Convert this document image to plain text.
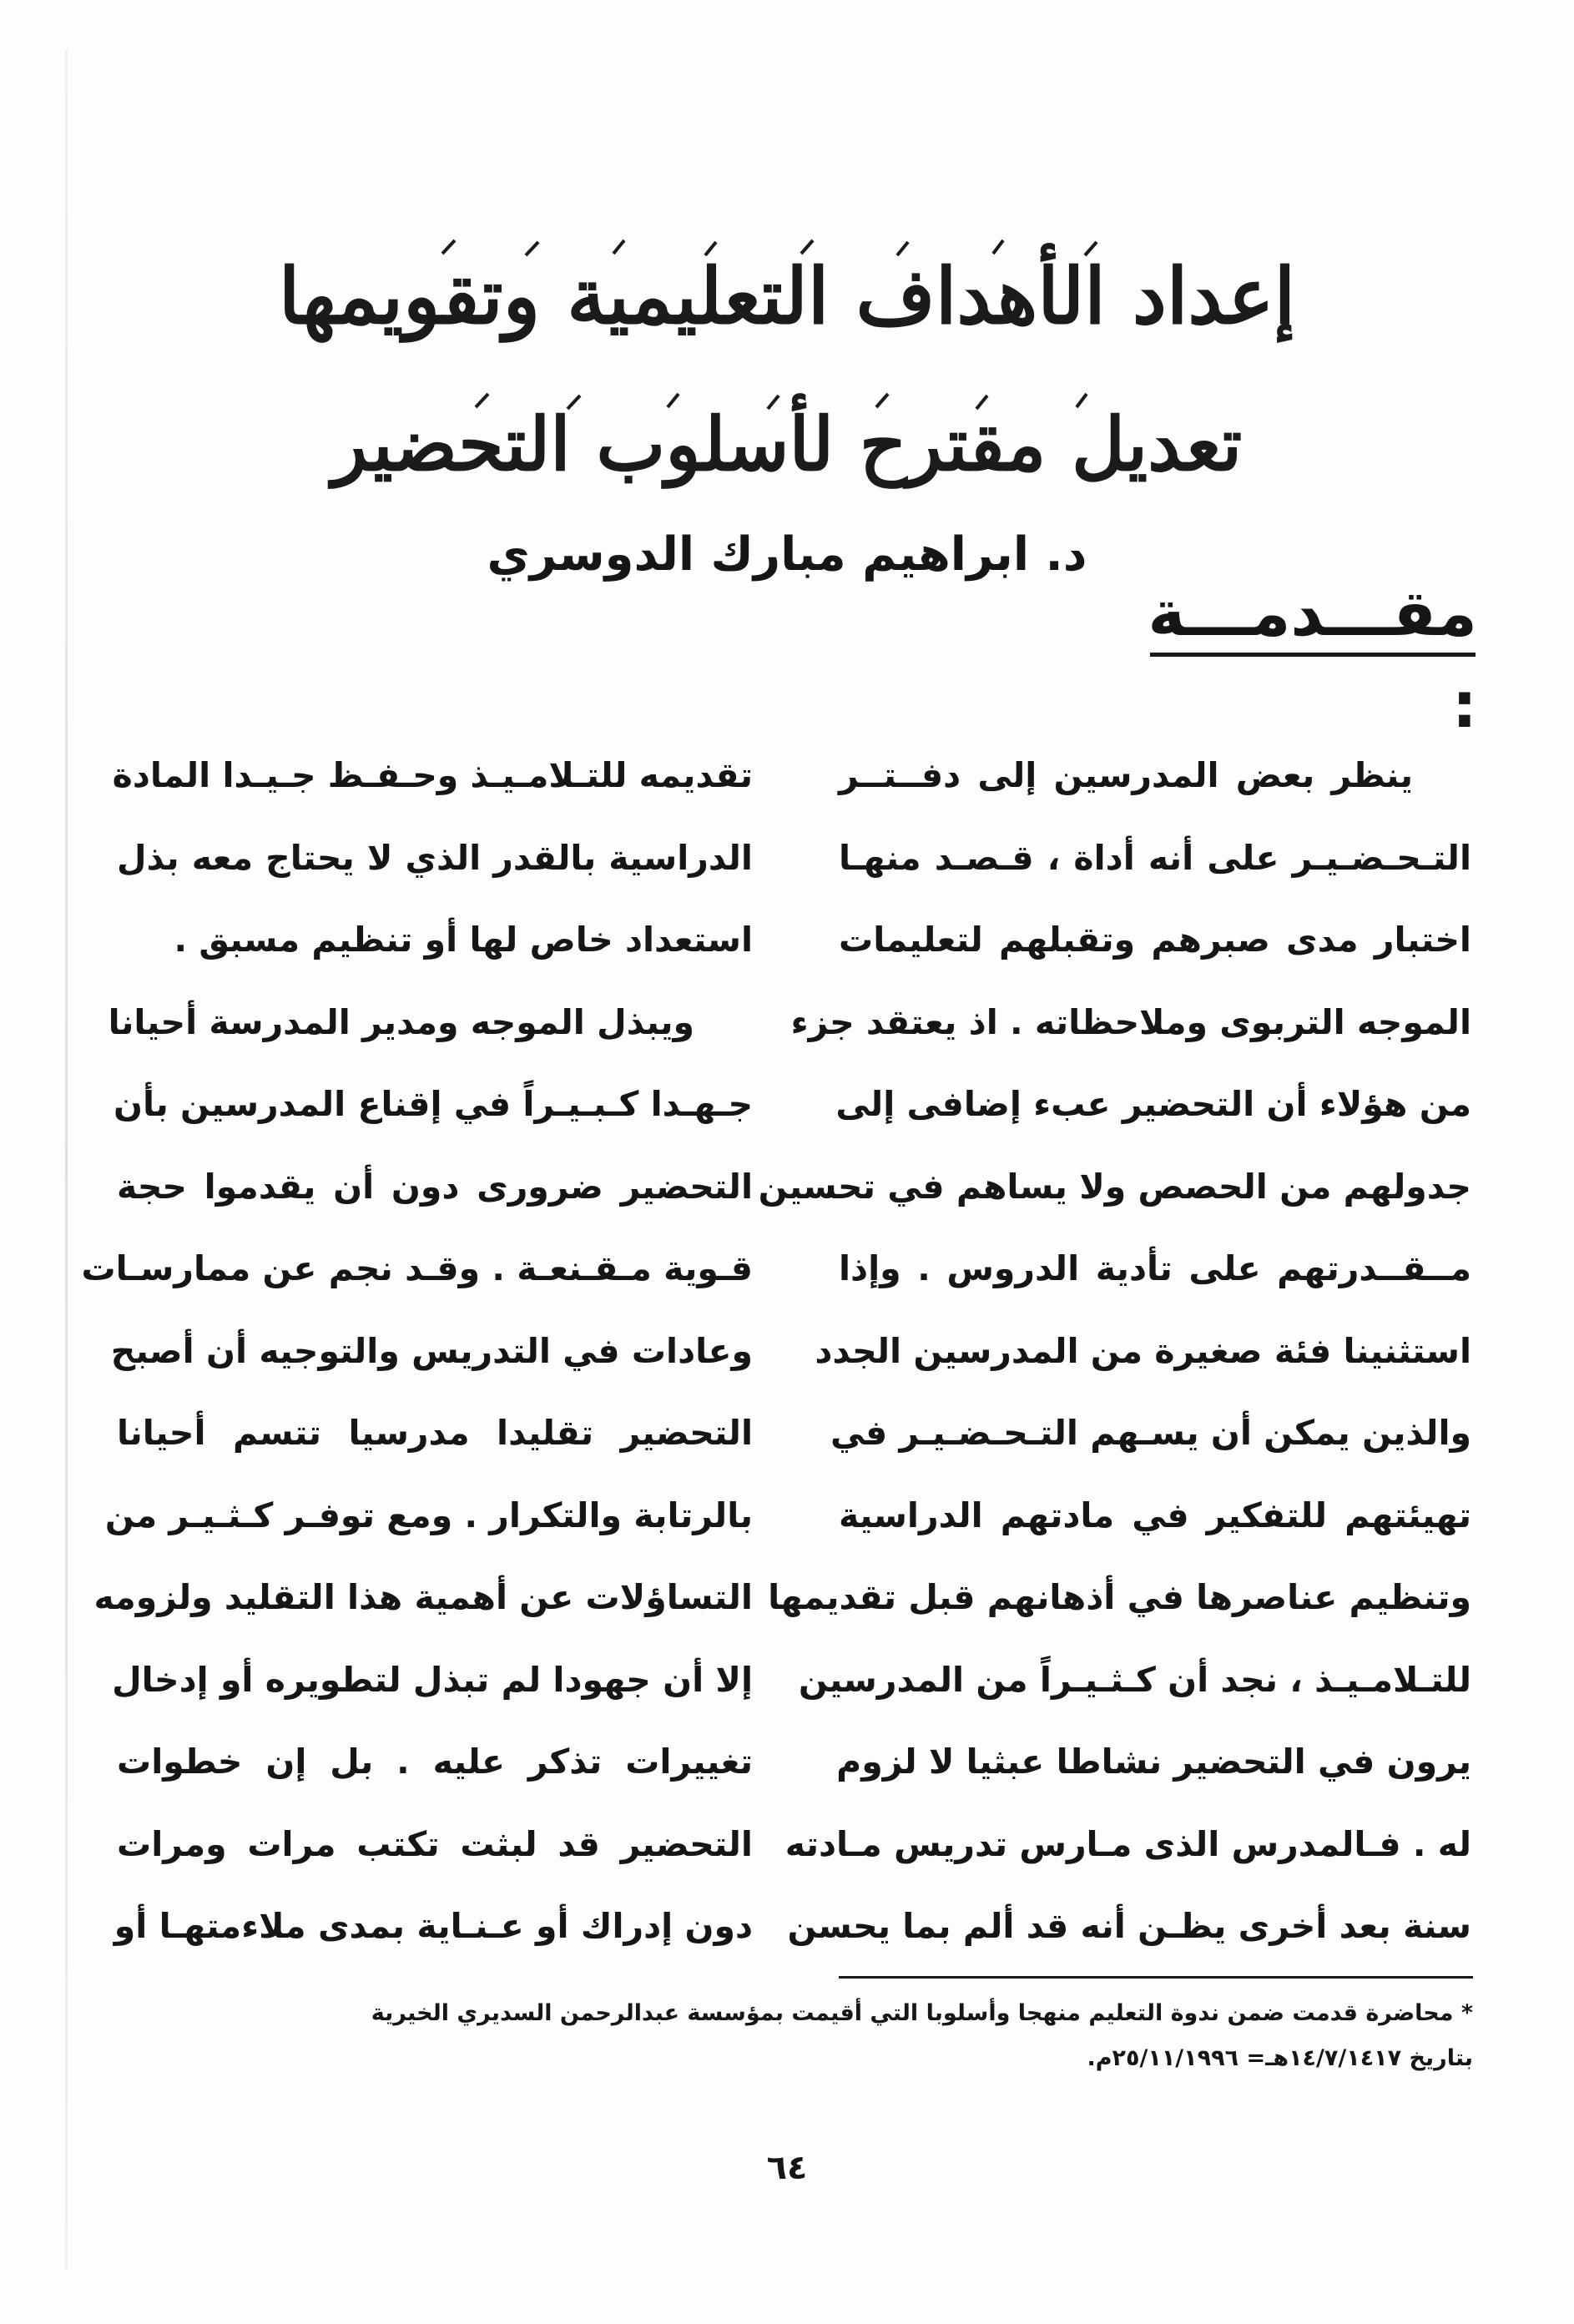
إعداد الأهداف التعليمية وتقويمها
تعديل مقترح لأسلوب التحضير
د. ابراهيم مبارك الدوسري
مقـــدمـــة :
ينظر بعض المدرسين إلى دفــتــر
التـحـضـيـر على أنه أداة ، قـصـد منهـا
اختبار مدى صبرهم وتقبلهم لتعليمات
الموجه التربوى وملاحظاته . اذ يعتقد جزء
من هؤلاء أن التحضير عبء إضافى إلى
جدولهم من الحصص ولا يساهم في تحسين
مــقــدرتهم على تأدية الدروس . وإذا
استثنينا فئة صغيرة من المدرسين الجدد
والذين يمكن أن يسـهم التـحـضـيـر في
تهيئتهم للتفكير في مادتهم الدراسية
وتنظيم عناصرها في أذهانهم قبل تقديمها
للتـلامـيـذ ، نجد أن كـثـيـراً من المدرسين
يرون في التحضير نشاطا عبثيا لا لزوم
له . فـالمدرس الذى مـارس تدريس مـادته
سنة بعد أخرى يظـن أنه قد ألم بما يحسن
تقديمه للتـلامـيـذ وحـفـظ جـيـدا المادة
الدراسية بالقدر الذي لا يحتاج معه بذل
استعداد خاص لها أو تنظيم مسبق .
ويبذل الموجه ومدير المدرسة أحيانا
جـهـدا كـبـيـراً في إقناع المدرسين بأن
التحضير ضرورى دون أن يقدموا حجة
قـوية مـقـنعـة . وقـد نجم عن ممارسـات
وعادات في التدريس والتوجيه أن أصبح
التحضير تقليدا مدرسيا تتسم أحيانا
بالرتابة والتكرار . ومع توفـر كـثـيـر من
التساؤلات عن أهمية هذا التقليد ولزومه
إلا أن جهودا لم تبذل لتطويره أو إدخال
تغييرات تذكر عليه . بل إن خطوات
التحضير قد لبثت تكتب مرات ومرات
دون إدراك أو عـنـاية بمدى ملاءمتهـا أو
* محاضرة قدمت ضمن ندوة التعليم منهجا وأسلوبا التي أقيمت بمؤسسة عبدالرحمن السديري الخيرية
بتاريخ ١٤/٧/١٤١٧هـ= ٢٥/١١/١٩٩٦م.
٦٤
